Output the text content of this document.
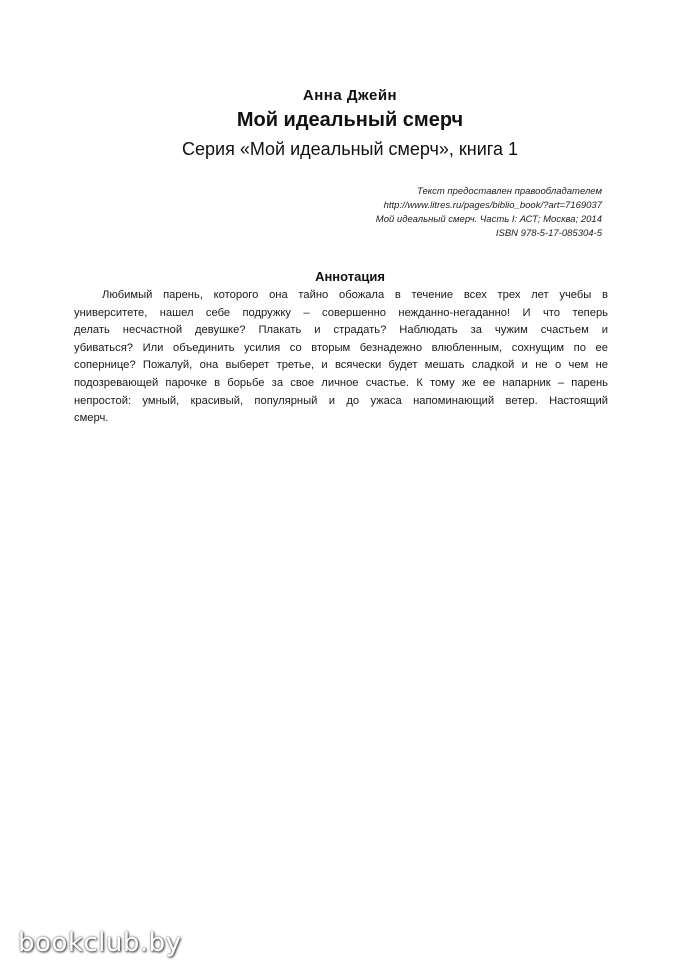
Анна Джейн
Мой идеальный смерч
Серия «Мой идеальный смерч», книга 1
Текст предоставлен правообладателем
http://www.litres.ru/pages/biblio_book/?art=7169037
Мой идеальный смерч. Часть I: АСТ; Москва; 2014
ISBN 978-5-17-085304-5
Аннотация
Любимый парень, которого она тайно обожала в течение всех трех лет учебы в
университете, нашел себе подружку – совершенно нежданно-негаданно! И что теперь
делать несчастной девушке? Плакать и страдать? Наблюдать за чужим счастьем и
убиваться? Или объединить усилия со вторым безнадежно влюбленным, сохнущим по ее
сопернице? Пожалуй, она выберет третье, и всячески будет мешать сладкой и не о чем не
подозревающей парочке в борьбе за свое личное счастье. К тому же ее напарник – парень
непростой: умный, красивый, популярный и до ужаса напоминающий ветер. Настоящий
смерч.
bookclub.by
